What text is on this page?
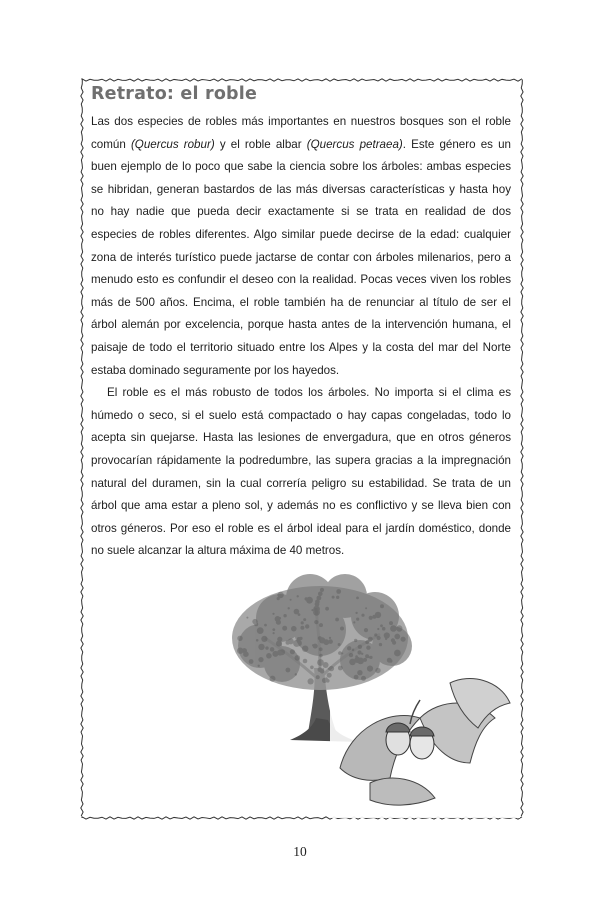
Retrato: el roble

Las dos especies de robles más importantes en nuestros bosques son el roble común (Quercus robur) y el roble albar (Quercus petraea). Este género es un buen ejemplo de lo poco que sabe la ciencia sobre los árboles: ambas especies se hibridan, generan bastardos de las más diversas características y hasta hoy no hay nadie que pueda decir exactamente si se trata en realidad de dos especies de robles diferentes. Algo similar puede decirse de la edad: cualquier zona de interés turístico puede jactarse de contar con árboles milenarios, pero a menudo esto es confundir el deseo con la realidad. Pocas veces viven los robles más de 500 años. Encima, el roble también ha de renunciar al título de ser el árbol alemán por excelencia, porque hasta antes de la intervención humana, el paisaje de todo el territorio situado entre los Alpes y la costa del mar del Norte estaba dominado seguramente por los hayedos.

El roble es el más robusto de todos los árboles. No importa si el clima es húmedo o seco, si el suelo está compactado o hay capas congeladas, todo lo acepta sin quejarse. Hasta las lesiones de envergadura, que en otros géneros provocarían rápidamente la podredumbre, las supera gracias a la impregnación natural del duramen, sin la cual correría peligro su estabilidad. Se trata de un árbol que ama estar a pleno sol, y además no es conflictivo y se lleva bien con otros géneros. Por eso el roble es el árbol ideal para el jardín doméstico, donde no suele alcanzar la altura máxima de 40 metros.

10
